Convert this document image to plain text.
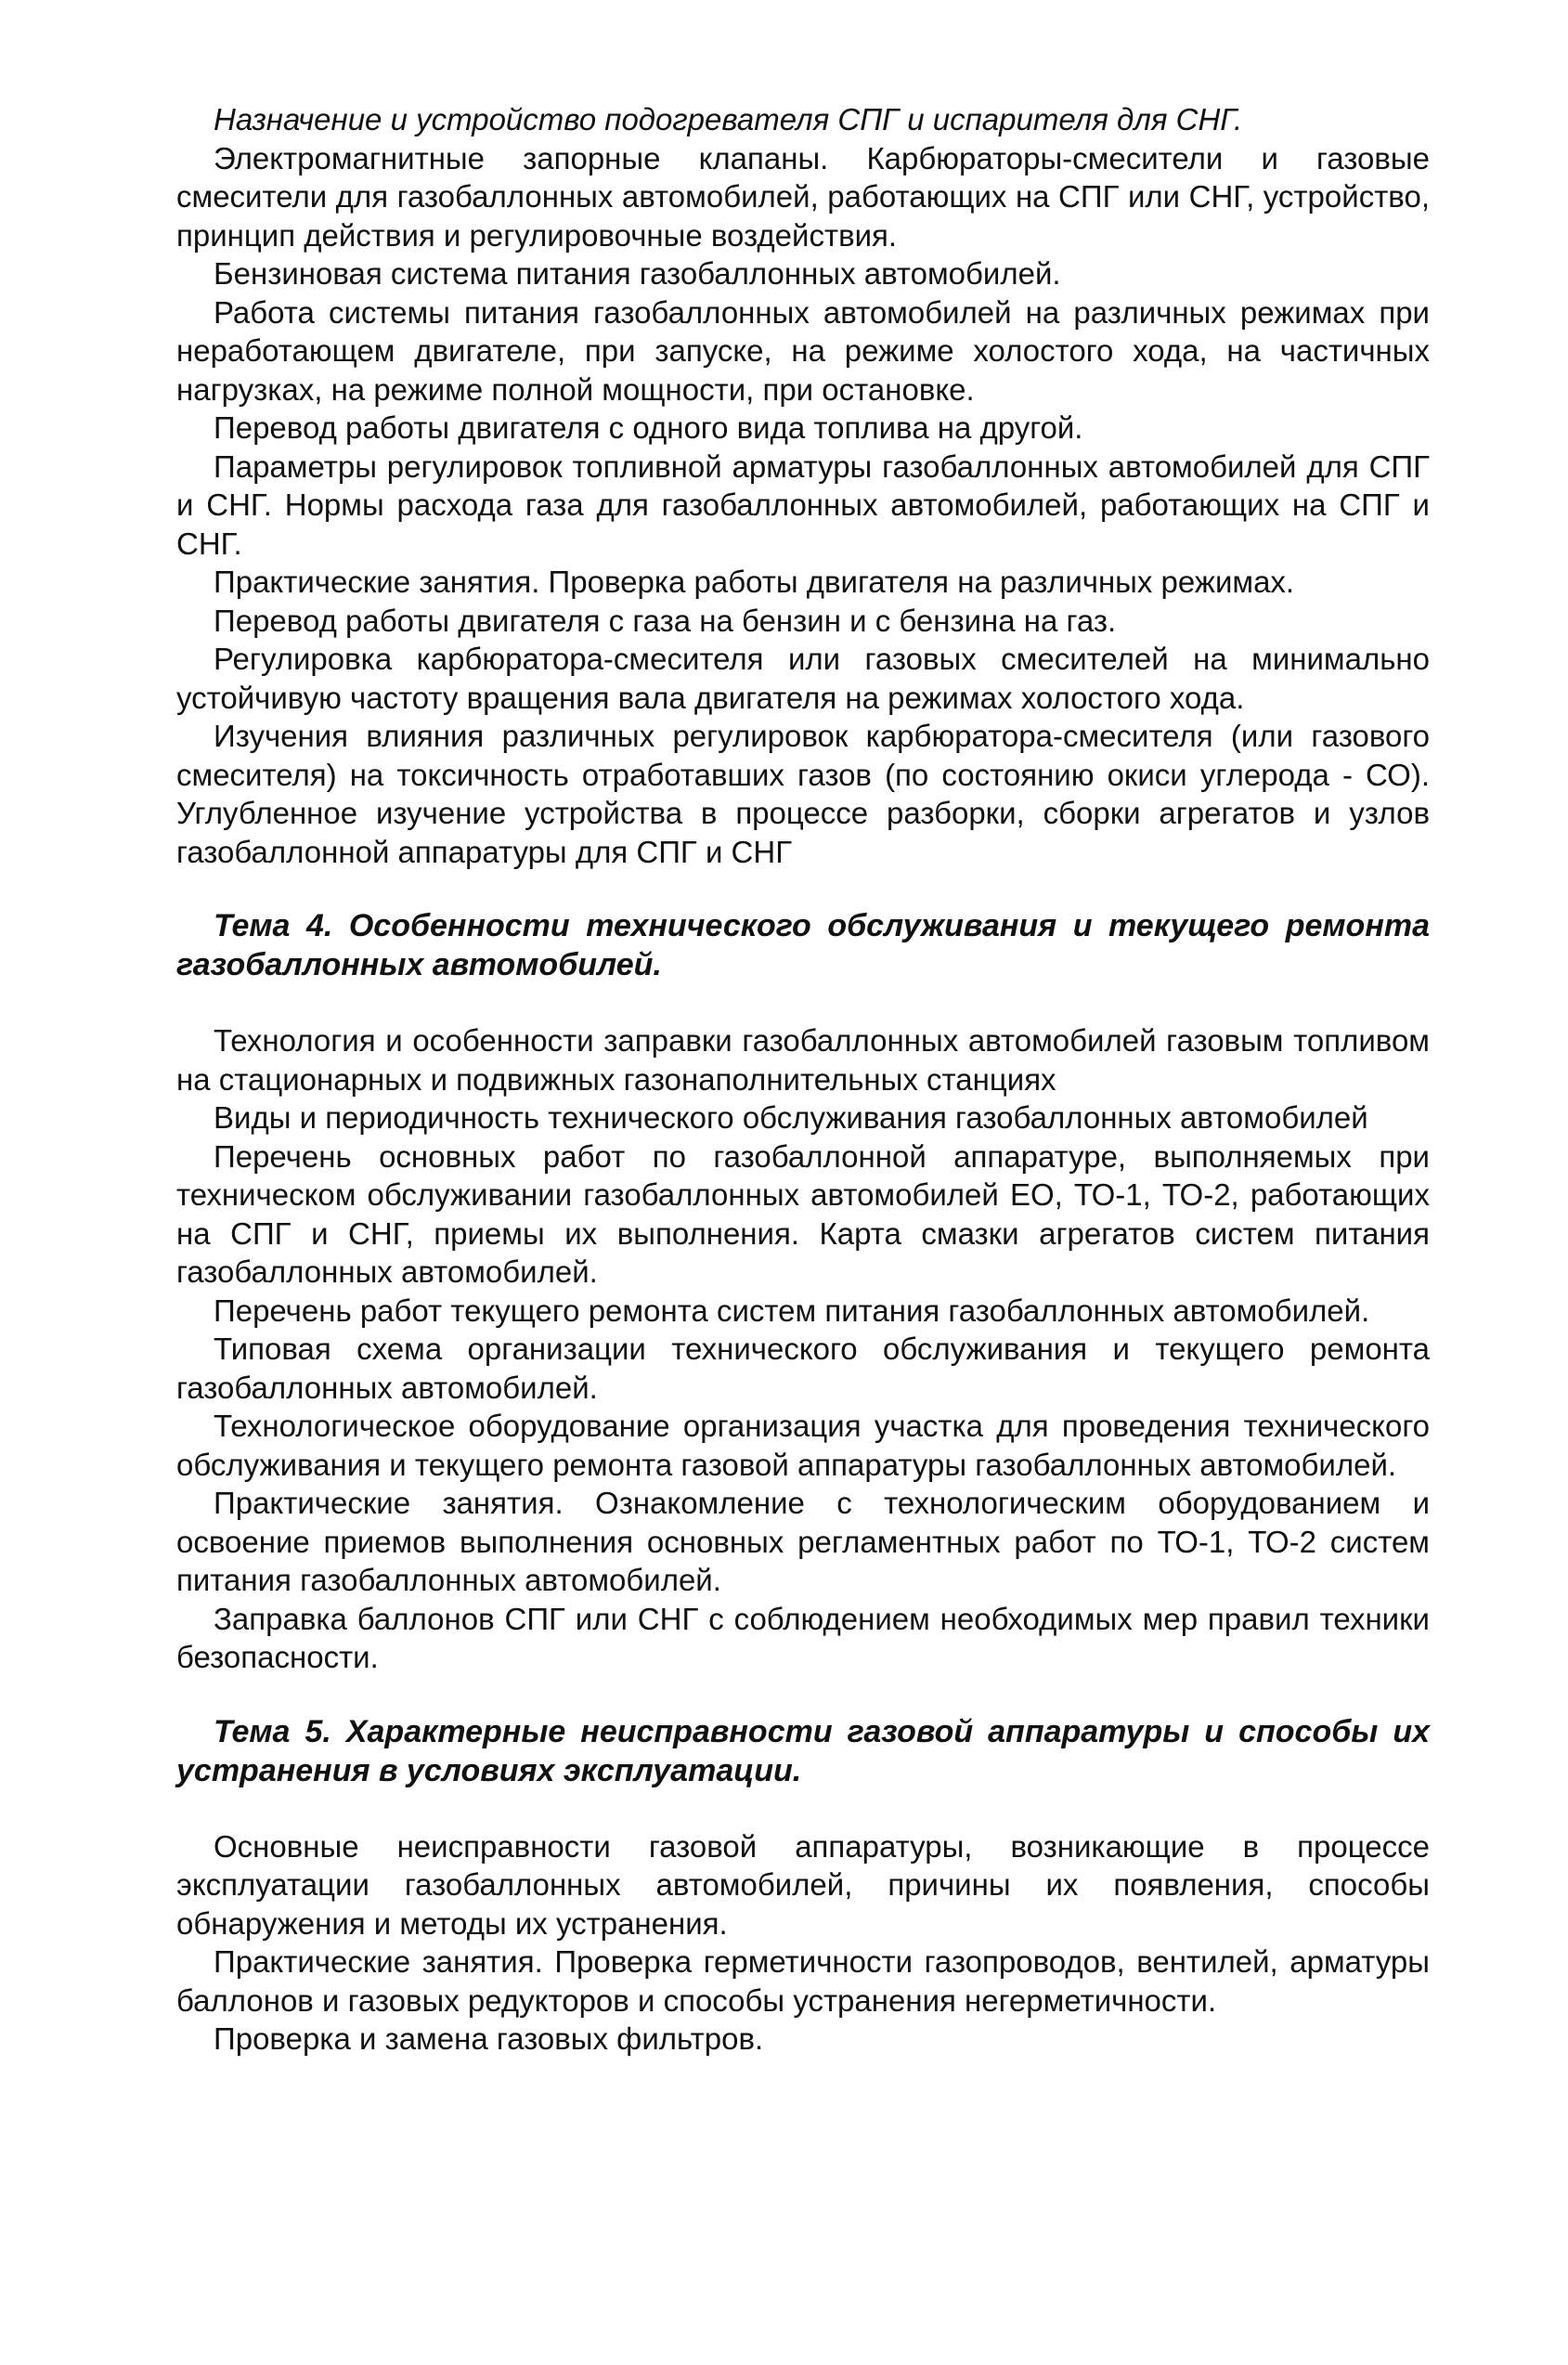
Назначение и устройство подогревателя СПГ и испарителя для СНГ.

Электромагнитные запорные клапаны. Карбюраторы-смесители и газовые смесители для газобаллонных автомобилей, работающих на СПГ или СНГ, устройство, принцип действия и регулировочные воздействия.

Бензиновая система питания газобаллонных автомобилей.

Работа системы питания газобаллонных автомобилей на различных режимах при неработающем двигателе, при запуске, на режиме холостого хода, на частичных нагрузках, на режиме полной мощности, при остановке.

Перевод работы двигателя с одного вида топлива на другой.

Параметры регулировок топливной арматуры газобаллонных автомобилей для СПГ и СНГ. Нормы расхода газа для газобаллонных автомобилей, работающих на СПГ и СНГ.

Практические занятия. Проверка работы двигателя на различных режимах.

Перевод работы двигателя с газа на бензин и с бензина на газ.

Регулировка карбюратора-смесителя или газовых смесителей на минимально устойчивую частоту вращения вала двигателя на режимах холостого хода.

Изучения влияния различных регулировок карбюратора-смесителя (или газового смесителя) на токсичность отработавших газов (по состоянию окиси углерода - СО). Углубленное изучение устройства в процессе разборки, сборки агрегатов и узлов газобаллонной аппаратуры для СПГ и СНГ

Тема 4. Особенности технического обслуживания и текущего ремонта газобаллонных автомобилей.

Технология и особенности заправки газобаллонных автомобилей газовым топливом на стационарных и подвижных газонаполнительных станциях

Виды и периодичность технического обслуживания газобаллонных автомобилей

Перечень основных работ по газобаллонной аппаратуре, выполняемых при техническом обслуживании газобаллонных автомобилей ЕО, ТО-1, ТО-2, работающих на СПГ и СНГ, приемы их выполнения. Карта смазки агрегатов систем питания газобаллонных автомобилей.

Перечень работ текущего ремонта систем питания газобаллонных автомобилей.

Типовая схема организации технического обслуживания и текущего ремонта газобаллонных автомобилей.

Технологическое оборудование организация участка для проведения технического обслуживания и текущего ремонта газовой аппаратуры газобаллонных автомобилей.

Практические занятия. Ознакомление с технологическим оборудованием и освоение приемов выполнения основных регламентных работ по ТО-1, ТО-2 систем питания газобаллонных автомобилей.

Заправка баллонов СПГ или СНГ с соблюдением необходимых мер правил техники безопасности.

Тема 5. Характерные неисправности газовой аппаратуры и способы их устранения в условиях эксплуатации.

Основные неисправности газовой аппаратуры, возникающие в процессе эксплуатации газобаллонных автомобилей, причины их появления, способы обнаружения и методы их устранения.

Практические занятия. Проверка герметичности газопроводов, вентилей, арматуры баллонов и газовых редукторов и способы устранения негерметичности.

Проверка и замена газовых фильтров.
